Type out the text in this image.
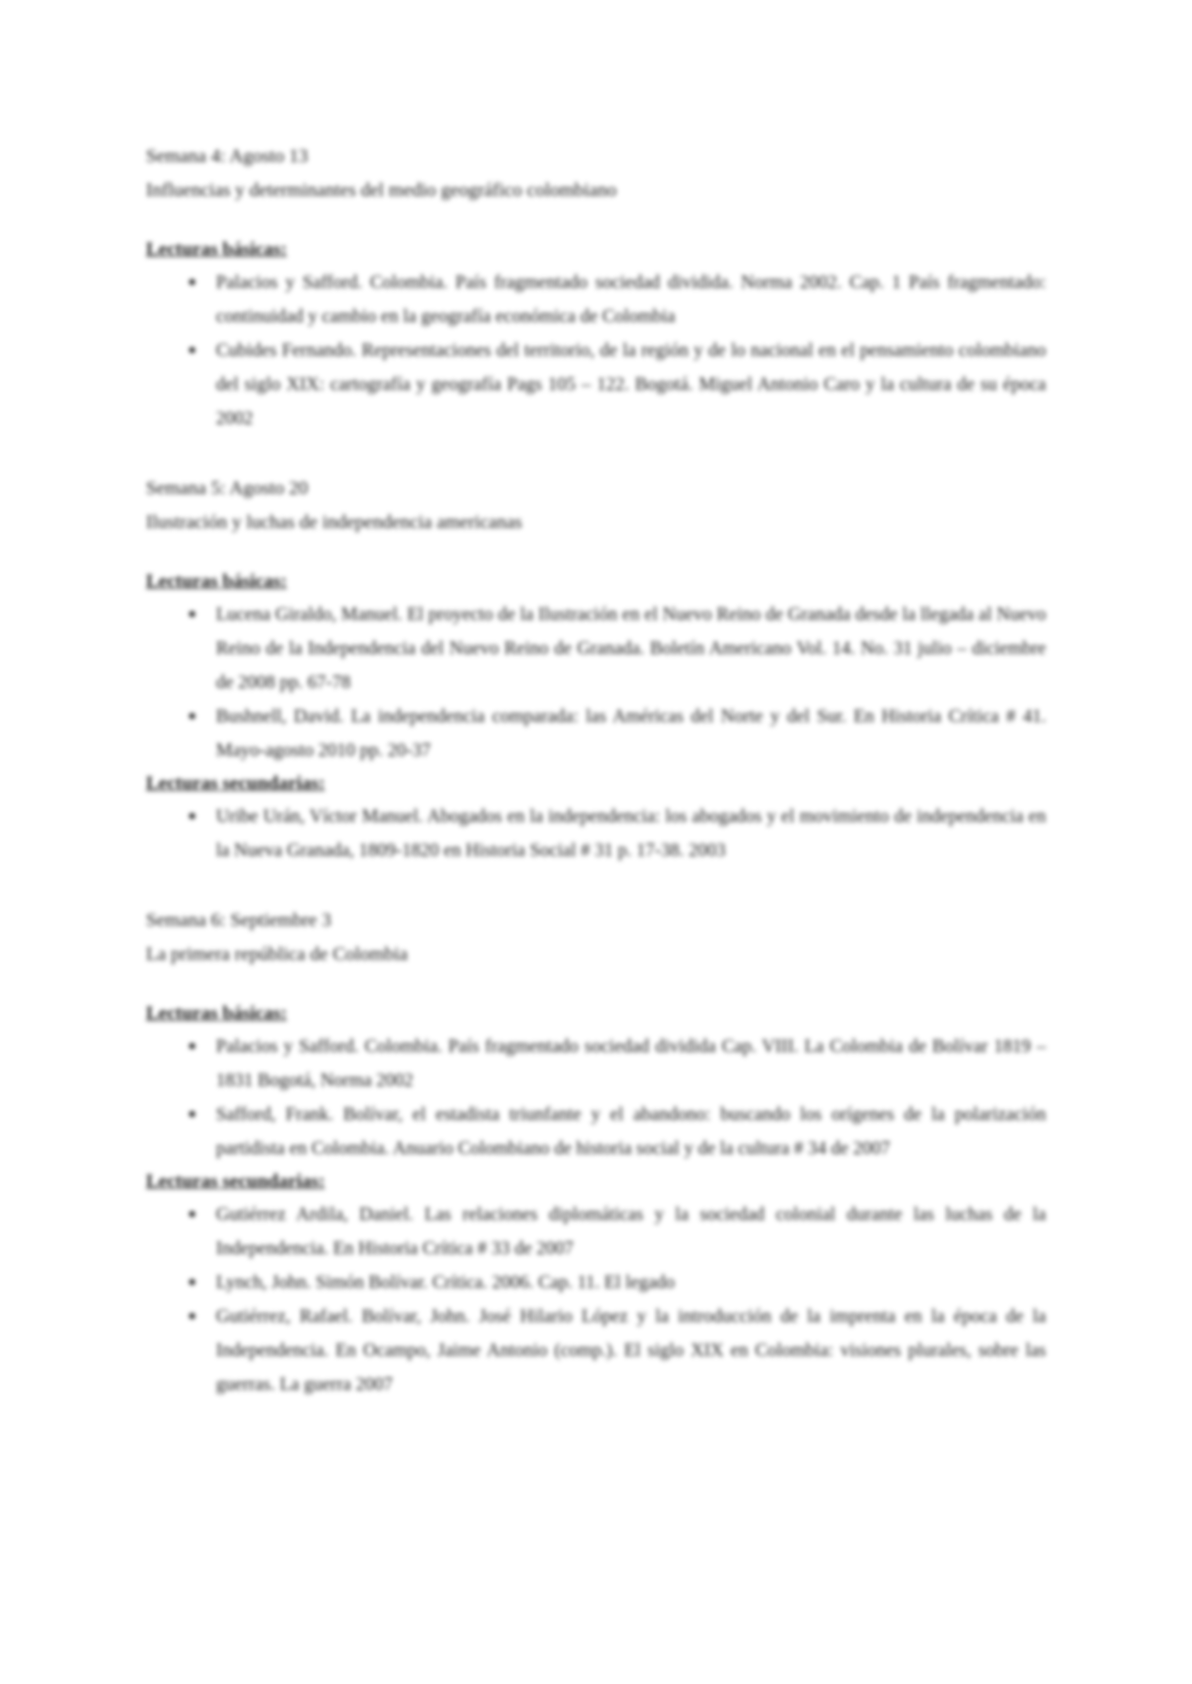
Semana 4: Agosto 13
Influencias y determinantes del medio geográfico colombiano
Lecturas básicas:
● Palacios y Safford. Colombia. País fragmentado sociedad dividida. Norma 2002. Cap. 1 País fragmentado: continuidad y cambio en la geografía económica de Colombia
● Cubides Fernando. Representaciones del territorio, de la región y de lo nacional en el pensamiento colombiano del siglo XIX: cartografía y geografía Pags 105 – 122. Bogotá. Miguel Antonio Caro y la cultura de su época 2002
Semana 5: Agosto 20
Ilustración y luchas de independencia americanas
Lecturas básicas:
● Lucena Giraldo, Manuel. El proyecto de la Ilustración en el Nuevo Reino de Granada desde la llegada al Nuevo Reino de la Independencia del Nuevo Reino de Granada. Boletín Americano Vol. 14. No. 31 julio – diciembre de 2008 pp. 67-78
● Bushnell, David. La independencia comparada: las Américas del Norte y del Sur. En Historia Crítica # 41. Mayo-agosto 2010 pp. 20-37
Lecturas secundarias:
● Uribe Urán, Víctor Manuel. Abogados en la independencia: los abogados y el movimiento de independencia en la Nueva Granada, 1809-1820 en Historia Social # 31 p. 17-38. 2003
Semana 6: Septiembre 3
La primera república de Colombia
Lecturas básicas:
● Palacios y Safford. Colombia. País fragmentado sociedad dividida Cap. VIII. La Colombia de Bolívar 1819 – 1831 Bogotá, Norma 2002
● Safford, Frank. Bolívar, el estadista triunfante y el abandono: buscando los orígenes de la polarización partidista en Colombia. Anuario Colombiano de historia social y de la cultura # 34 de 2007
Lecturas secundarias:
● Gutiérrez Ardila, Daniel. Las relaciones diplomáticas y la sociedad colonial durante las luchas de la Independencia. En Historia Crítica # 33 de 2007
● Lynch, John. Simón Bolívar. Crítica. 2006. Cap. 11. El legado
● Gutiérrez, Rafael. Bolívar, John. José Hilario López y la introducción de la imprenta en la época de la Independencia. En Ocampo, Jaime Antonio (comp.). El siglo XIX en Colombia: visiones plurales, sobre las guerras. La guerra 2007
